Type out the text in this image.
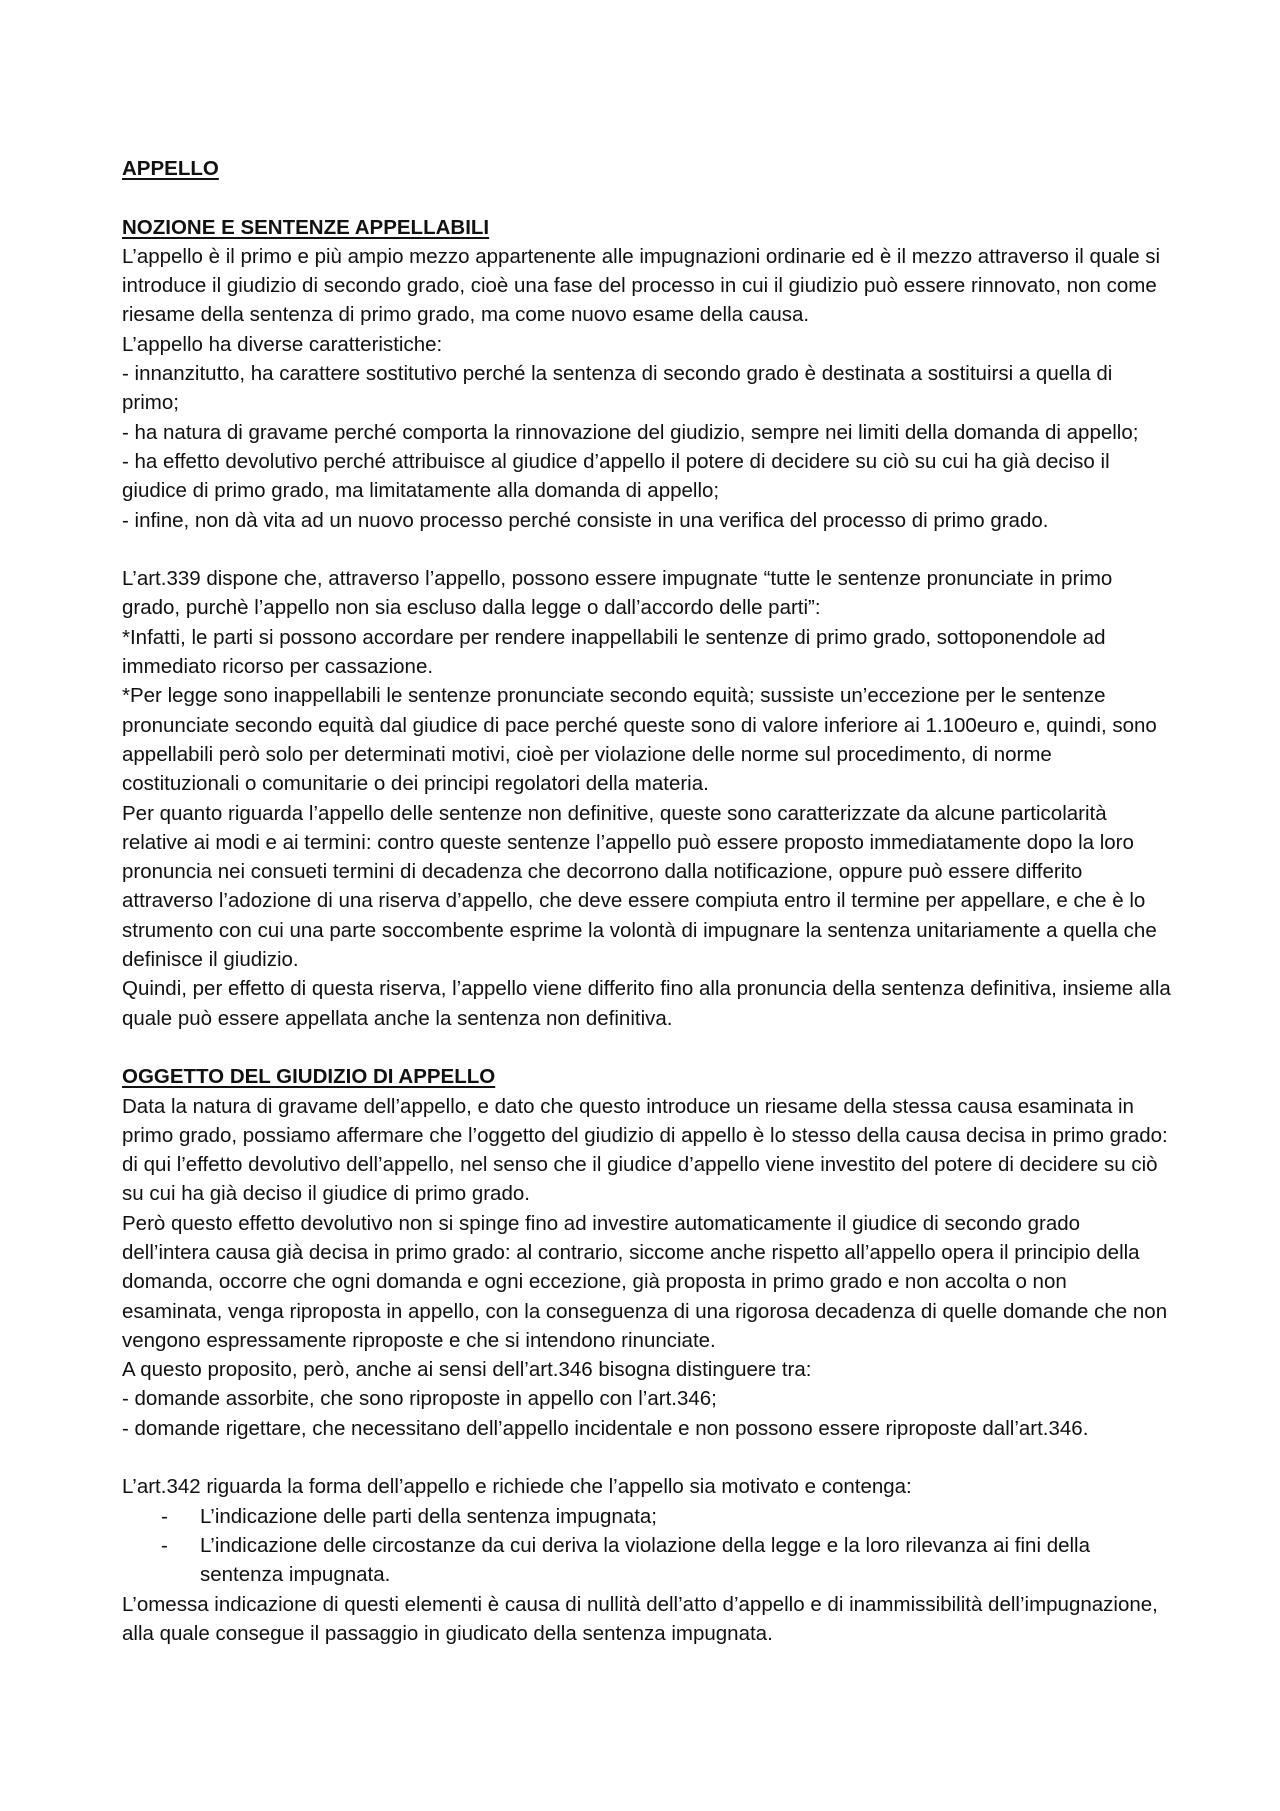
APPELLO

NOZIONE E SENTENZE APPELLABILI

L’appello è il primo e più ampio mezzo appartenente alle impugnazioni ordinarie ed è il mezzo attraverso il quale si introduce il giudizio di secondo grado, cioè una fase del processo in cui il giudizio può essere rinnovato, non come riesame della sentenza di primo grado, ma come nuovo esame della causa.

L’appello ha diverse caratteristiche:

- innanzitutto, ha carattere sostitutivo perché la sentenza di secondo grado è destinata a sostituirsi a quella di primo;

- ha natura di gravame perché comporta la rinnovazione del giudizio, sempre nei limiti della domanda di appello;

- ha effetto devolutivo perché attribuisce al giudice d’appello il potere di decidere su ciò su cui ha già deciso il giudice di primo grado, ma limitatamente alla domanda di appello;

- infine, non dà vita ad un nuovo processo perché consiste in una verifica del processo di primo grado.

L’art.339 dispone che, attraverso l’appello, possono essere impugnate “tutte le sentenze pronunciate in primo grado, purchè l’appello non sia escluso dalla legge o dall’accordo delle parti”:

*Infatti, le parti si possono accordare per rendere inappellabili le sentenze di primo grado, sottoponendole ad immediato ricorso per cassazione.

*Per legge sono inappellabili le sentenze pronunciate secondo equità; sussiste un’eccezione per le sentenze pronunciate secondo equità dal giudice di pace perché queste sono di valore inferiore ai 1.100euro e, quindi, sono appellabili però solo per determinati motivi, cioè per violazione delle norme sul procedimento, di norme costituzionali o comunitarie o dei principi regolatori della materia.

Per quanto riguarda l’appello delle sentenze non definitive, queste sono caratterizzate da alcune particolarità relative ai modi e ai termini: contro queste sentenze l’appello può essere proposto immediatamente dopo la loro pronuncia nei consueti termini di decadenza che decorrono dalla notificazione, oppure può essere differito attraverso l’adozione di una riserva d’appello, che deve essere compiuta entro il termine per appellare, e che è lo strumento con cui una parte soccombente esprime la volontà di impugnare la sentenza unitariamente a quella che definisce il giudizio.

Quindi, per effetto di questa riserva, l’appello viene differito fino alla pronuncia della sentenza definitiva, insieme alla quale può essere appellata anche la sentenza non definitiva.

OGGETTO DEL GIUDIZIO DI APPELLO

Data la natura di gravame dell’appello, e dato che questo introduce un riesame della stessa causa esaminata in primo grado, possiamo affermare che l’oggetto del giudizio di appello è lo stesso della causa decisa in primo grado: di qui l’effetto devolutivo dell’appello, nel senso che il giudice d’appello viene investito del potere di decidere su ciò su cui ha già deciso il giudice di primo grado.

Però questo effetto devolutivo non si spinge fino ad investire automaticamente il giudice di secondo grado dell’intera causa già decisa in primo grado: al contrario, siccome anche rispetto all’appello opera il principio della domanda, occorre che ogni domanda e ogni eccezione, già proposta in primo grado e non accolta o non esaminata, venga riproposta in appello, con la conseguenza di una rigorosa decadenza di quelle domande che non vengono espressamente riproposte e che si intendono rinunciate.

A questo proposito, però, anche ai sensi dell’art.346 bisogna distinguere tra:

- domande assorbite, che sono riproposte in appello con l’art.346;

- domande rigettare, che necessitano dell’appello incidentale e non possono essere riproposte dall’art.346.

L’art.342 riguarda la forma dell’appello e richiede che l’appello sia motivato e contenga:

- L’indicazione delle parti della sentenza impugnata;
- L’indicazione delle circostanze da cui deriva la violazione della legge e la loro rilevanza ai fini della sentenza impugnata.

L’omessa indicazione di questi elementi è causa di nullità dell’atto d’appello e di inammissibilità dell’impugnazione, alla quale consegue il passaggio in giudicato della sentenza impugnata.
